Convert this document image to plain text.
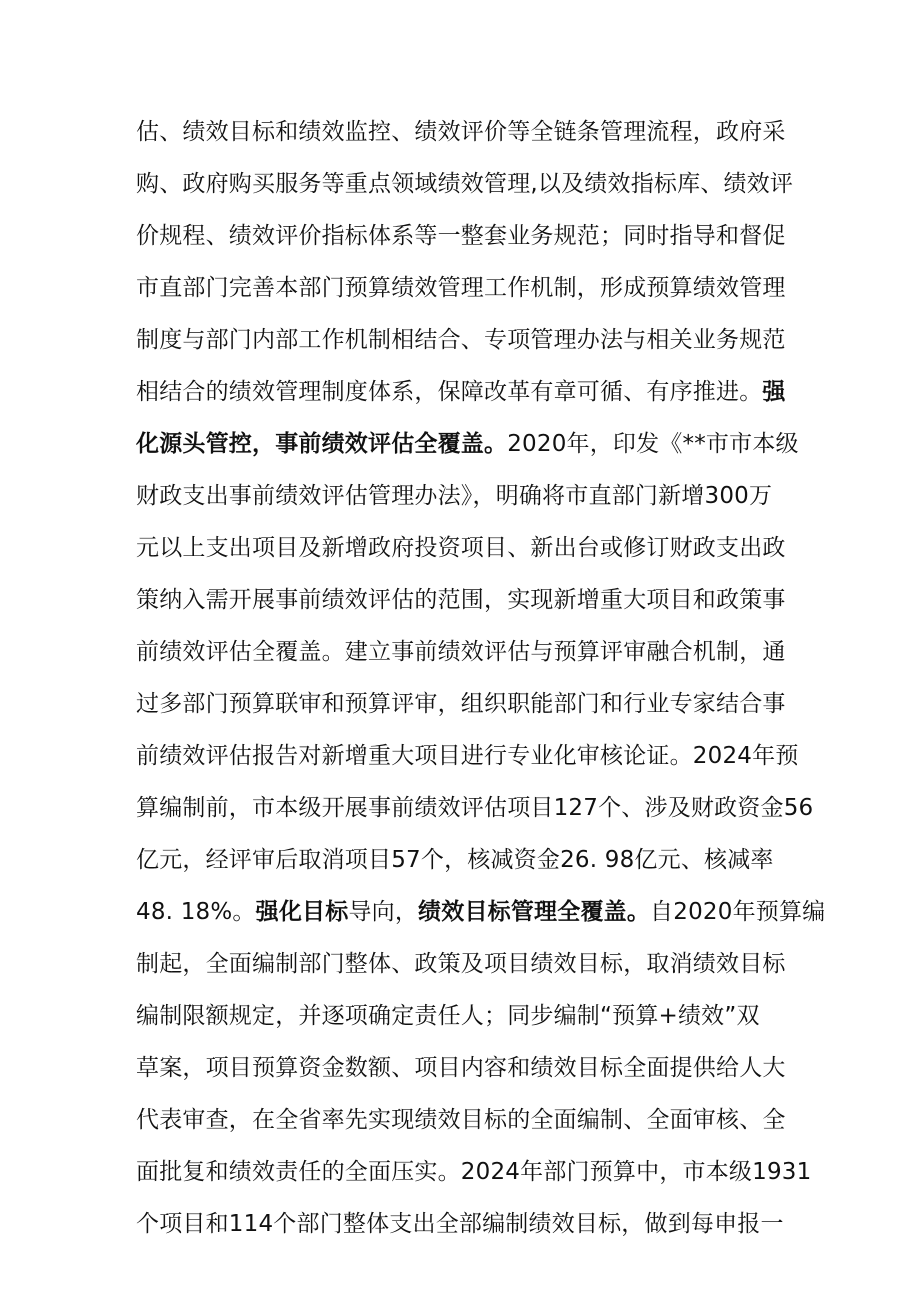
估、绩效目标和绩效监控、绩效评价等全链条管理流程，政府采
购、政府购买服务等重点领域绩效管理,以及绩效指标库、绩效评
价规程、绩效评价指标体系等一整套业务规范；同时指导和督促
市直部门完善本部门预算绩效管理工作机制，形成预算绩效管理
制度与部门内部工作机制相结合、专项管理办法与相关业务规范
相结合的绩效管理制度体系，保障改革有章可循、有序推进。强
化源头管控，事前绩效评估全覆盖。2020年，印发《**市市本级
财政支出事前绩效评估管理办法》，明确将市直部门新增300万
元以上支出项目及新增政府投资项目、新出台或修订财政支出政
策纳入需开展事前绩效评估的范围，实现新增重大项目和政策事
前绩效评估全覆盖。建立事前绩效评估与预算评审融合机制，通
过多部门预算联审和预算评审，组织职能部门和行业专家结合事
前绩效评估报告对新增重大项目进行专业化审核论证。2024年预
算编制前，市本级开展事前绩效评估项目127个、涉及财政资金56
亿元，经评审后取消项目57个，核减资金26. 98亿元、核减率
48. 18%。强化目标导向，绩效目标管理全覆盖。自2020年预算编
制起，全面编制部门整体、政策及项目绩效目标，取消绩效目标
编制限额规定，并逐项确定责任人；同步编制“预算+绩效”双
草案，项目预算资金数额、项目内容和绩效目标全面提供给人大
代表审查，在全省率先实现绩效目标的全面编制、全面审核、全
面批复和绩效责任的全面压实。2024年部门预算中，市本级1931
个项目和114个部门整体支出全部编制绩效目标，做到每申报一
